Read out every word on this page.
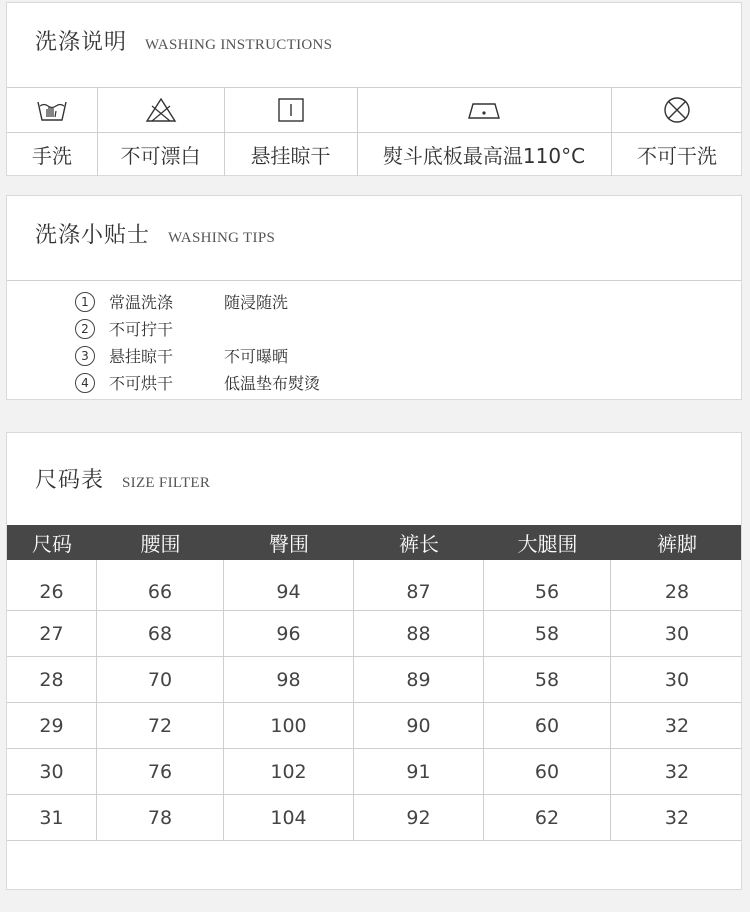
洗涤说明 WASHING INSTRUCTIONS
手洗	不可漂白	悬挂晾干	熨斗底板最高温110°C	不可干洗
洗涤小贴士 WASHING TIPS
1	常温洗涤	随浸随洗
2	不可拧干
3	悬挂晾干	不可曝晒
4	不可烘干	低温垫布熨烫
尺码表 SIZE FILTER
尺码	腰围	臀围	裤长	大腿围	裤脚
26	66	94	87	56	28
27	68	96	88	58	30
28	70	98	89	58	30
29	72	100	90	60	32
30	76	102	91	60	32
31	78	104	92	62	32
